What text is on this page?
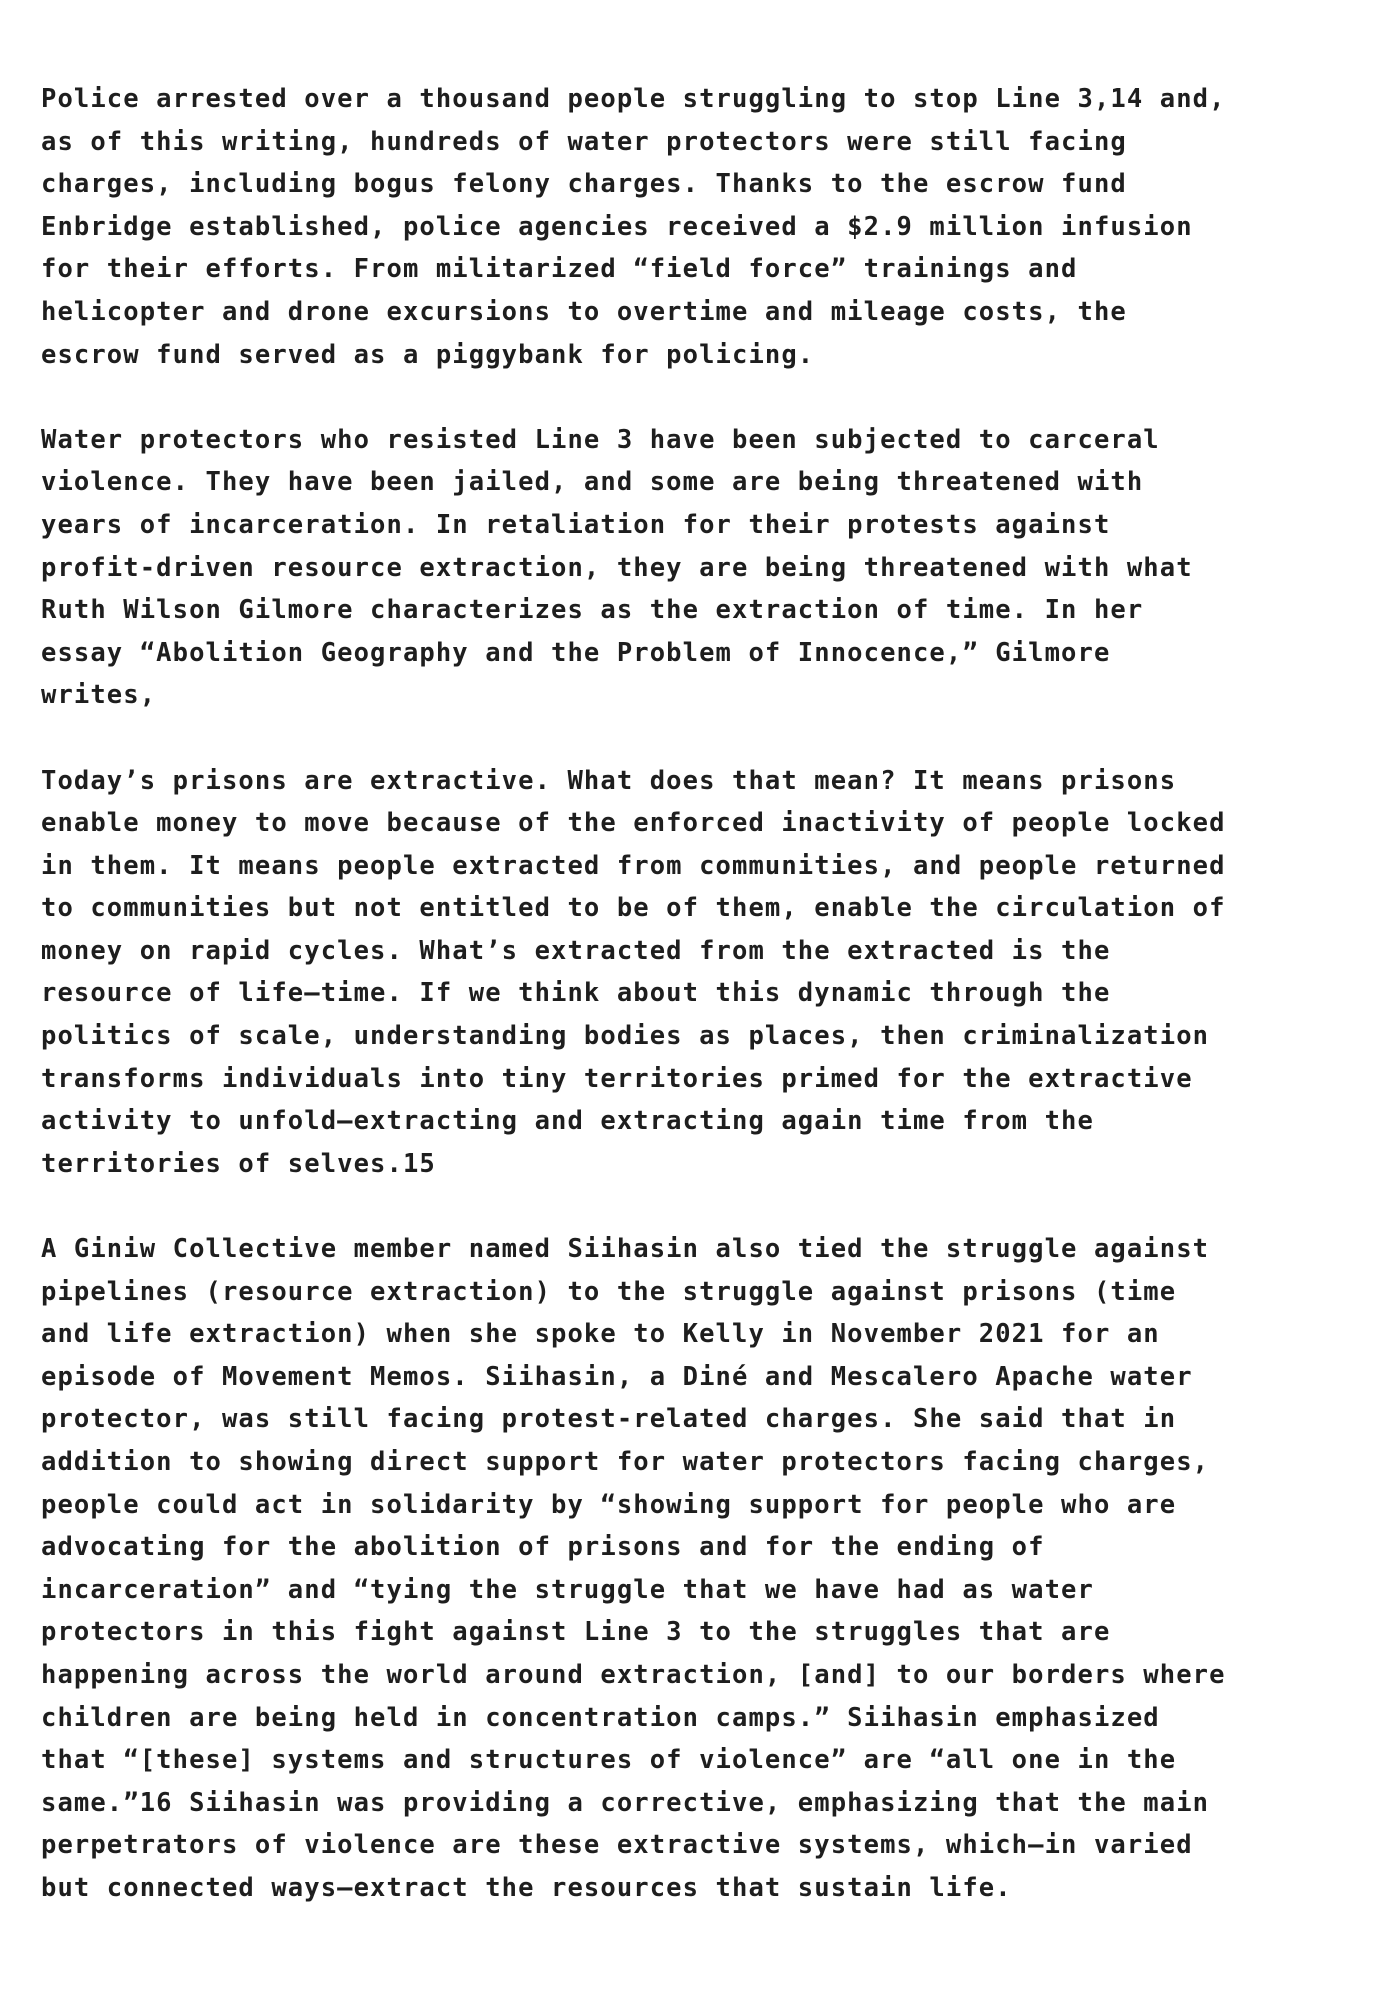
Police arrested over a thousand people struggling to stop Line 3,14 and,
as of this writing, hundreds of water protectors were still facing
charges, including bogus felony charges. Thanks to the escrow fund
Enbridge established, police agencies received a $2.9 million infusion
for their efforts. From militarized “field force” trainings and
helicopter and drone excursions to overtime and mileage costs, the
escrow fund served as a piggybank for policing.
Water protectors who resisted Line 3 have been subjected to carceral
violence. They have been jailed, and some are being threatened with
years of incarceration. In retaliation for their protests against
profit-driven resource extraction, they are being threatened with what
Ruth Wilson Gilmore characterizes as the extraction of time. In her
essay “Abolition Geography and the Problem of Innocence,” Gilmore
writes,
Today’s prisons are extractive. What does that mean? It means prisons
enable money to move because of the enforced inactivity of people locked
in them. It means people extracted from communities, and people returned
to communities but not entitled to be of them, enable the circulation of
money on rapid cycles. What’s extracted from the extracted is the
resource of life—time. If we think about this dynamic through the
politics of scale, understanding bodies as places, then criminalization
transforms individuals into tiny territories primed for the extractive
activity to unfold—extracting and extracting again time from the
territories of selves.15
A Giniw Collective member named Siihasin also tied the struggle against
pipelines (resource extraction) to the struggle against prisons (time
and life extraction) when she spoke to Kelly in November 2021 for an
episode of Movement Memos. Siihasin, a Diné and Mescalero Apache water
protector, was still facing protest-related charges. She said that in
addition to showing direct support for water protectors facing charges,
people could act in solidarity by “showing support for people who are
advocating for the abolition of prisons and for the ending of
incarceration” and “tying the struggle that we have had as water
protectors in this fight against Line 3 to the struggles that are
happening across the world around extraction, [and] to our borders where
children are being held in concentration camps.” Siihasin emphasized
that “[these] systems and structures of violence” are “all one in the
same.”16 Siihasin was providing a corrective, emphasizing that the main
perpetrators of violence are these extractive systems, which—in varied
but connected ways—extract the resources that sustain life.
